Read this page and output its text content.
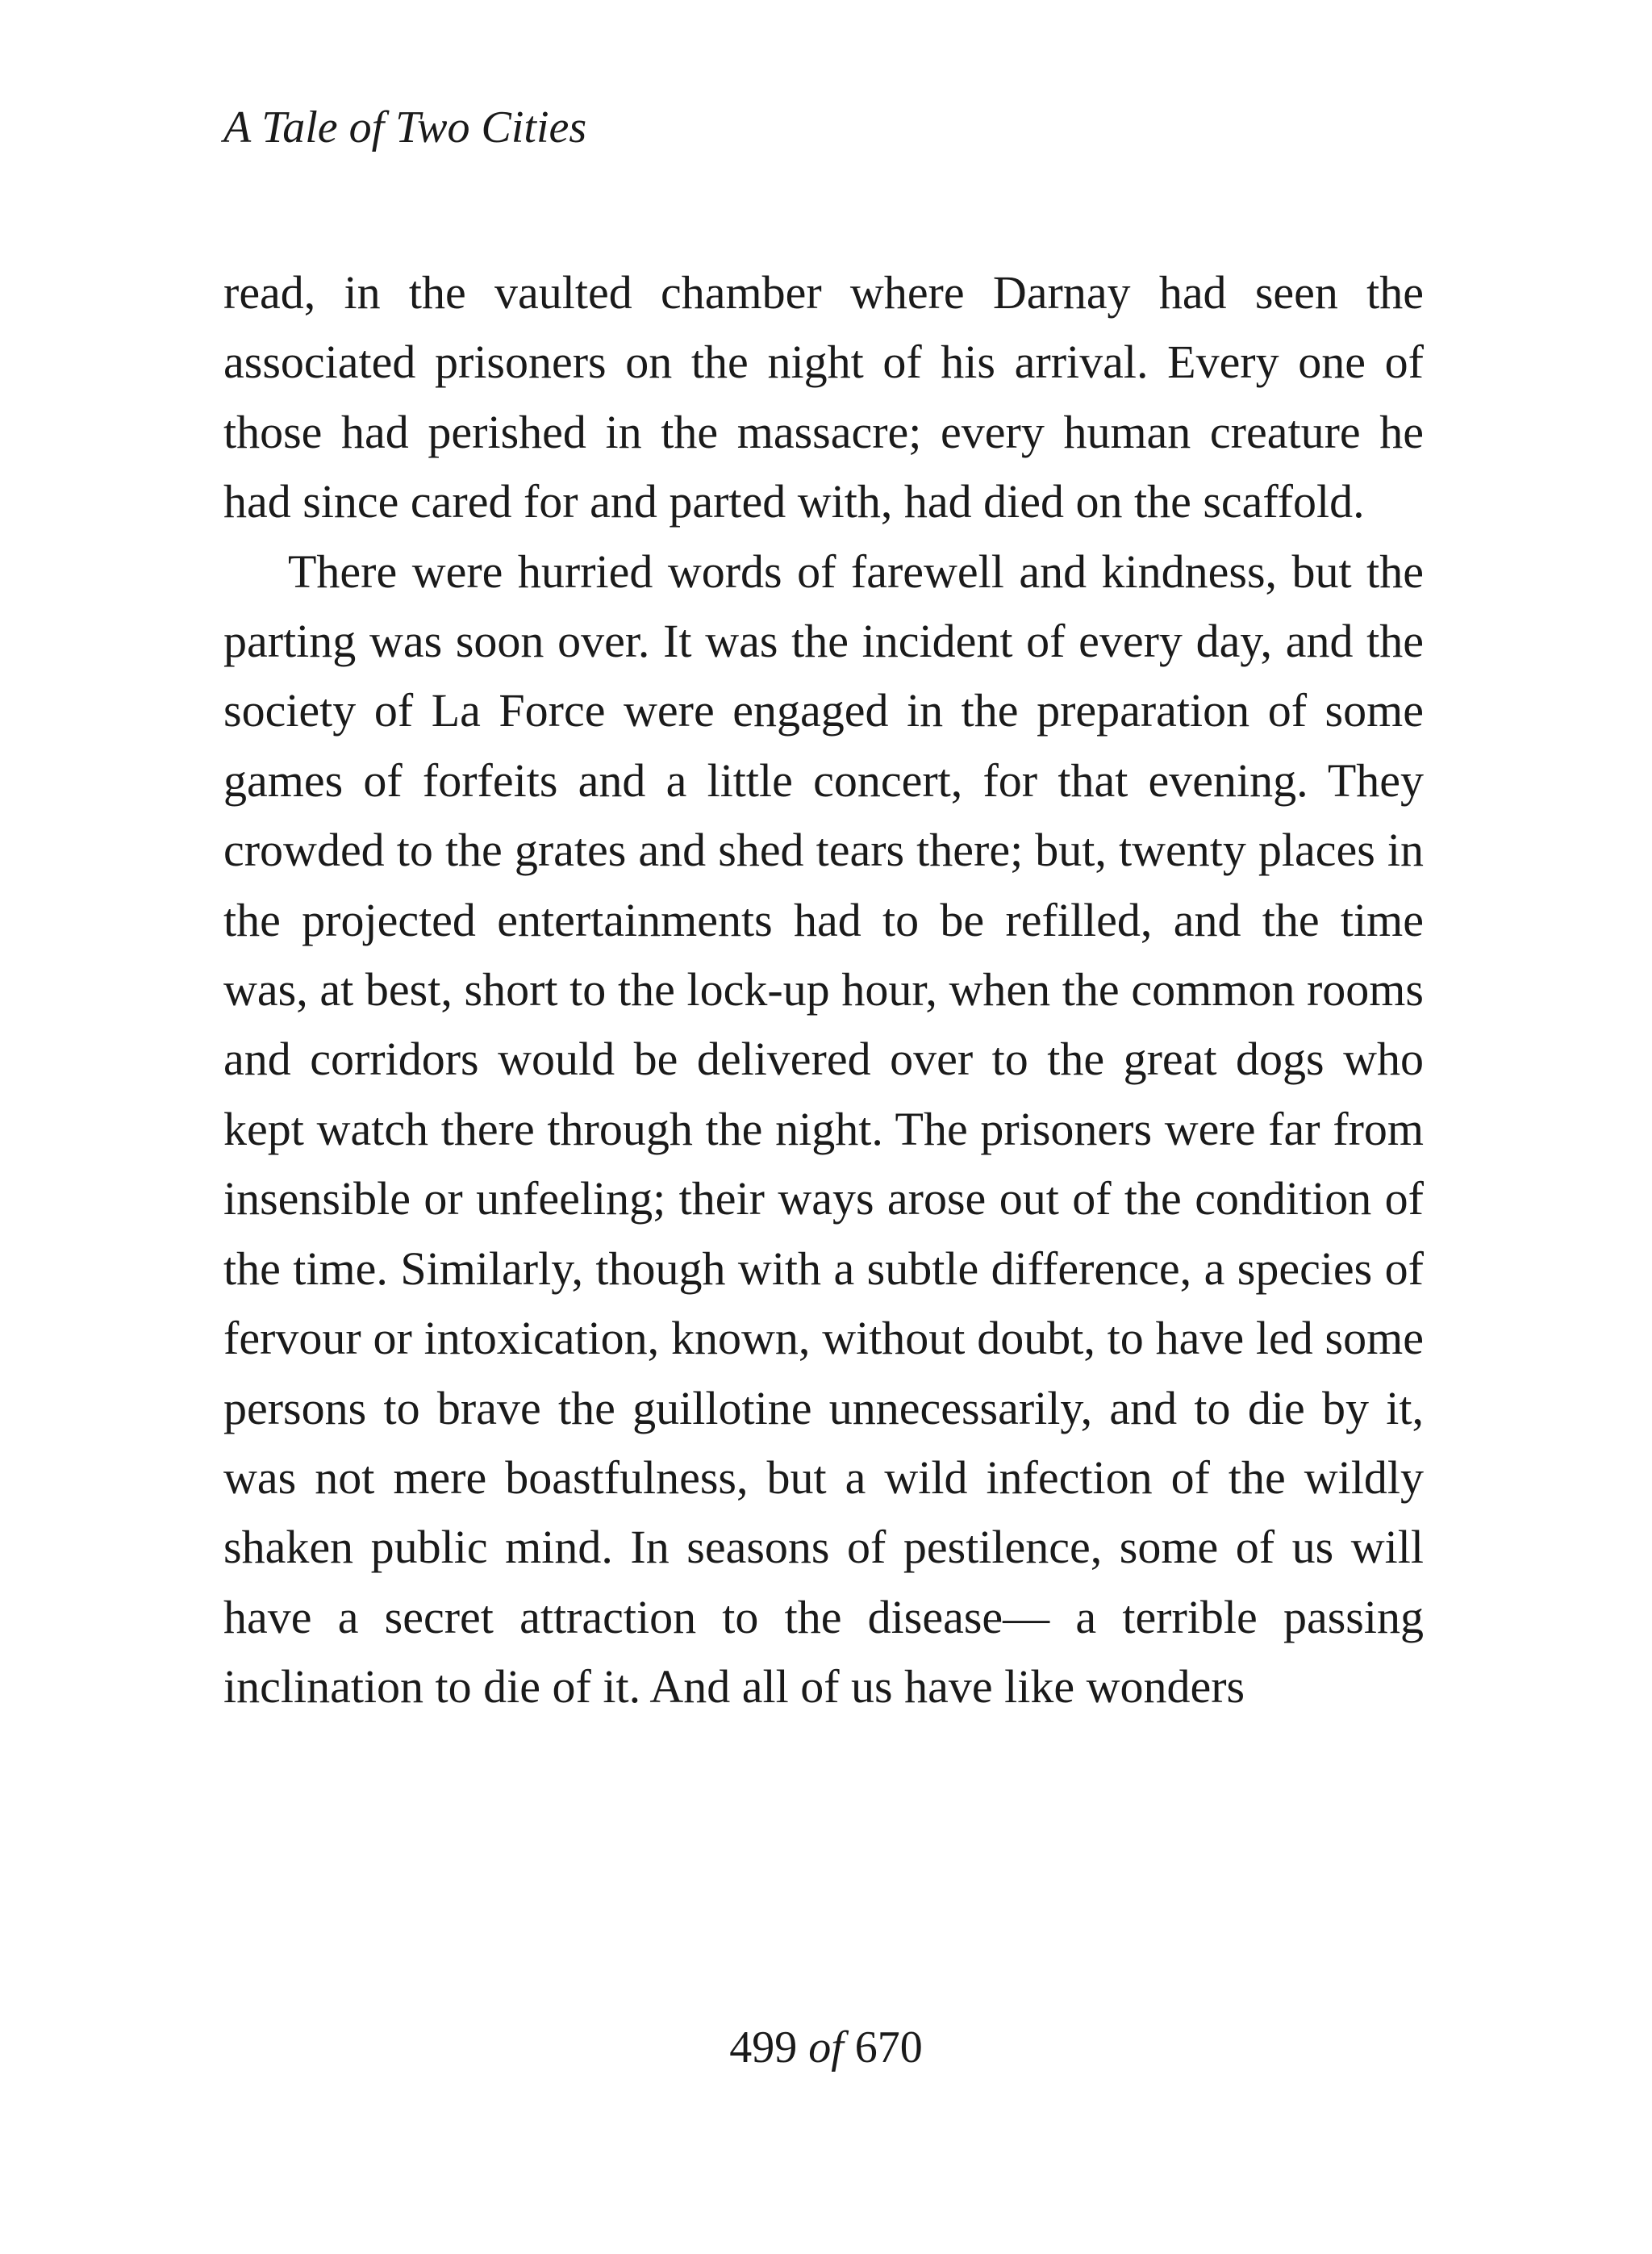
A Tale of Two Cities

read, in the vaulted chamber where Darnay had seen the associated prisoners on the night of his arrival. Every one of those had perished in the massacre; every human creature he had since cared for and parted with, had died on the scaffold.

There were hurried words of farewell and kindness, but the parting was soon over. It was the incident of every day, and the society of La Force were engaged in the preparation of some games of forfeits and a little concert, for that evening. They crowded to the grates and shed tears there; but, twenty places in the projected entertainments had to be refilled, and the time was, at best, short to the lock-up hour, when the common rooms and corridors would be delivered over to the great dogs who kept watch there through the night. The prisoners were far from insensible or unfeeling; their ways arose out of the condition of the time. Similarly, though with a subtle difference, a species of fervour or intoxication, known, without doubt, to have led some persons to brave the guillotine unnecessarily, and to die by it, was not mere boastfulness, but a wild infection of the wildly shaken public mind. In seasons of pestilence, some of us will have a secret attraction to the disease— a terrible passing inclination to die of it. And all of us have like wonders

499 of 670
